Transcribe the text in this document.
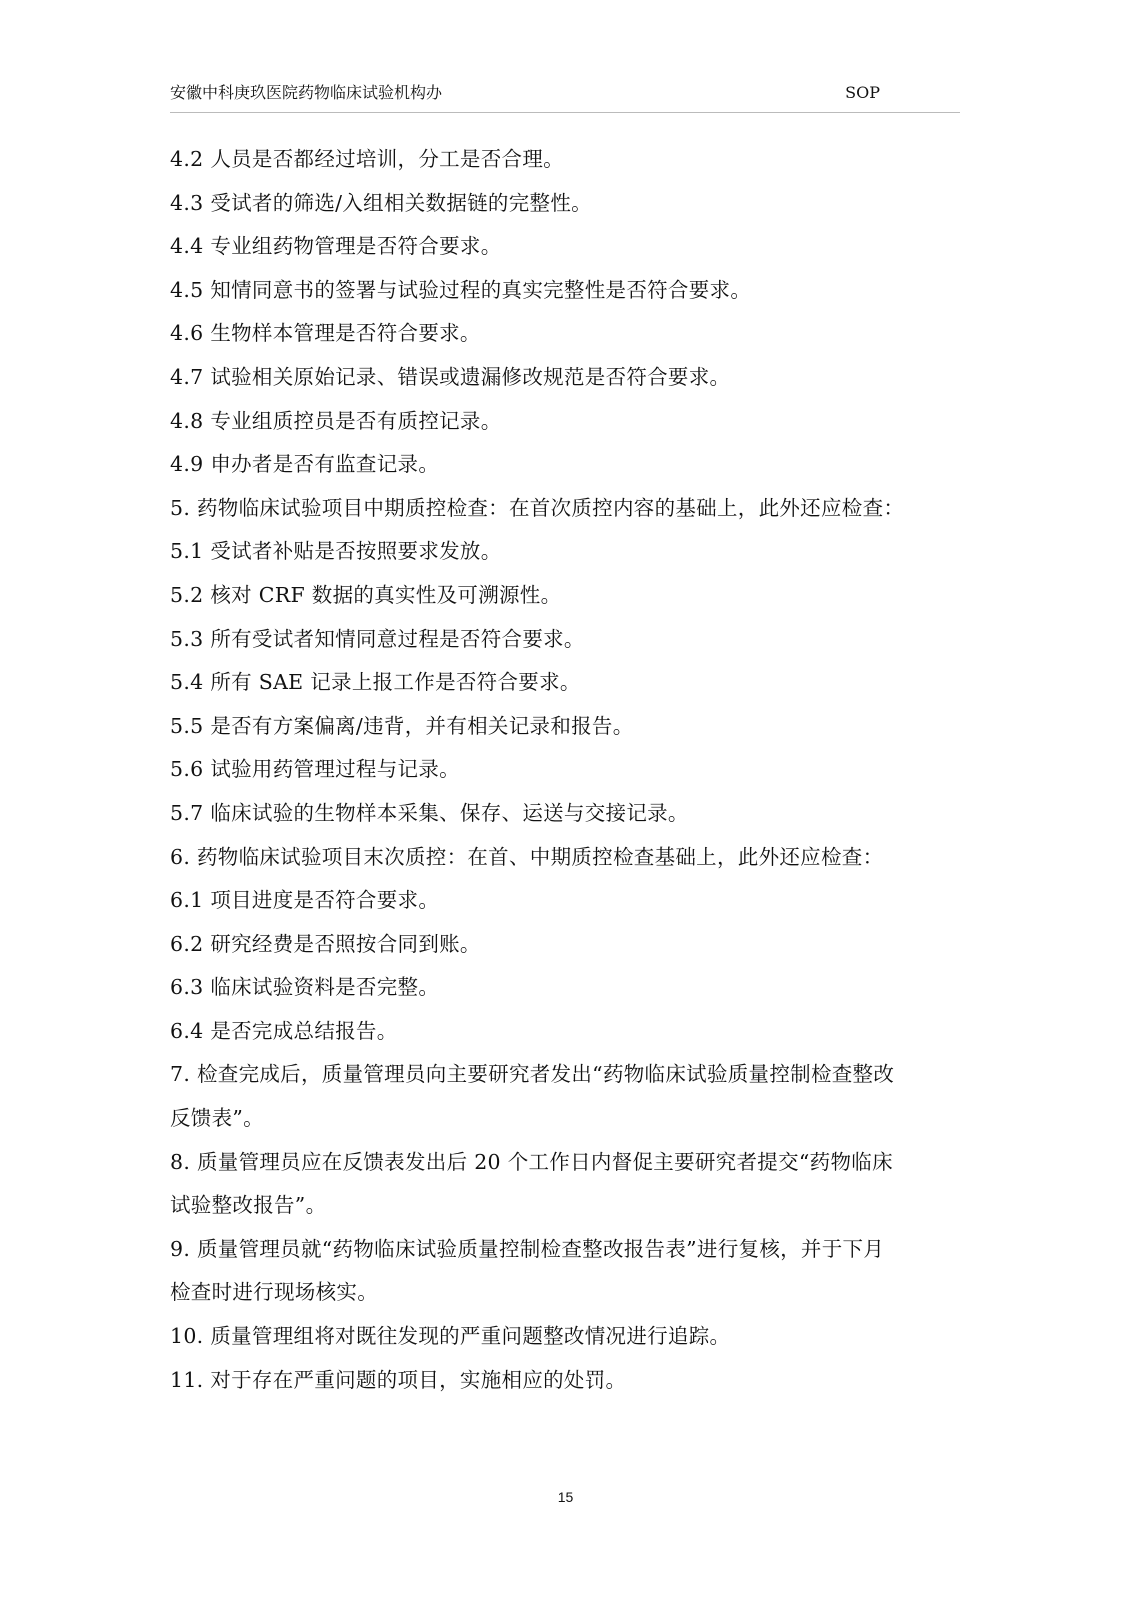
安徽中科庚玖医院药物临床试验机构办	SOP
4.2 人员是否都经过培训，分工是否合理。
4.3 受试者的筛选/入组相关数据链的完整性。
4.4 专业组药物管理是否符合要求。
4.5 知情同意书的签署与试验过程的真实完整性是否符合要求。
4.6 生物样本管理是否符合要求。
4.7 试验相关原始记录、错误或遗漏修改规范是否符合要求。
4.8 专业组质控员是否有质控记录。
4.9 申办者是否有监查记录。
5. 药物临床试验项目中期质控检查：在首次质控内容的基础上，此外还应检查：
5.1 受试者补贴是否按照要求发放。
5.2 核对 CRF 数据的真实性及可溯源性。
5.3 所有受试者知情同意过程是否符合要求。
5.4 所有 SAE 记录上报工作是否符合要求。
5.5 是否有方案偏离/违背，并有相关记录和报告。
5.6 试验用药管理过程与记录。
5.7 临床试验的生物样本采集、保存、运送与交接记录。
6. 药物临床试验项目末次质控：在首、中期质控检查基础上，此外还应检查：
6.1 项目进度是否符合要求。
6.2 研究经费是否照按合同到账。
6.3 临床试验资料是否完整。
6.4 是否完成总结报告。
7. 检查完成后，质量管理员向主要研究者发出“药物临床试验质量控制检查整改
反馈表”。
8. 质量管理员应在反馈表发出后 20 个工作日内督促主要研究者提交“药物临床
试验整改报告”。
9. 质量管理员就“药物临床试验质量控制检查整改报告表”进行复核，并于下月
检查时进行现场核实。
10. 质量管理组将对既往发现的严重问题整改情况进行追踪。
11. 对于存在严重问题的项目，实施相应的处罚。
15
